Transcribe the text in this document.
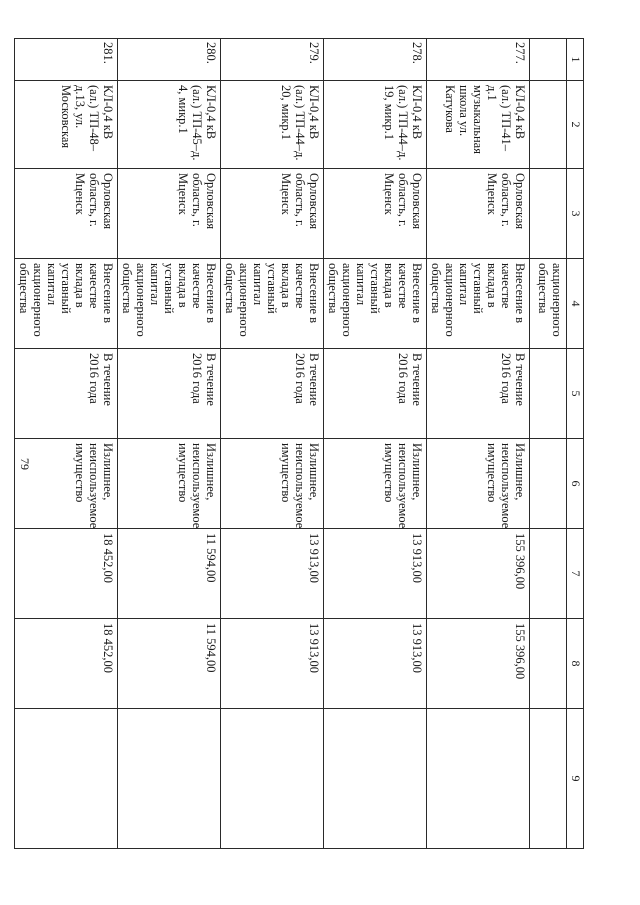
79
1	2	3	4	5	6	7	8	9
			акционерного общества					
277.	КЛ-0,4 кВ (ал.) ТП-41–д.1 музыкальная школа ул. Катукова	Орловская область, г. Мценск	Внесение в качестве вклада в уставный капитал акционерного общества	В течение 2016 года	Излишнее, неиспользуемое имущество	155 396,00	155 396,00	
278.	КЛ-0,4 кВ (ал.) ТП-44–д. 19, микр.1	Орловская область, г. Мценск	Внесение в качестве вклада в уставный капитал акционерного общества	В течение 2016 года	Излишнее, неиспользуемое имущество	13 913,00	13 913,00	
279.	КЛ-0,4 кВ (ал.) ТП-44–д. 20, микр.1	Орловская область, г. Мценск	Внесение в качестве вклада в уставный капитал акционерного общества	В течение 2016 года	Излишнее, неиспользуемое имущество	13 913,00	13 913,00	
280.	КЛ-0,4 кВ (ал.) ТП-45–д. 4, микр.1	Орловская область, г. Мценск	Внесение в качестве вклада в уставный капитал акционерного общества	В течение 2016 года	Излишнее, неиспользуемое имущество	11 594,00	11 594,00	
281.	КЛ-0,4 кВ (ал.) ТП-48–д.13, ул. Московская	Орловская область, г. Мценск	Внесение в качестве вклада в уставный капитал акционерного общества	В течение 2016 года	Излишнее, неиспользуемое имущество	18 452,00	18 452,00	
